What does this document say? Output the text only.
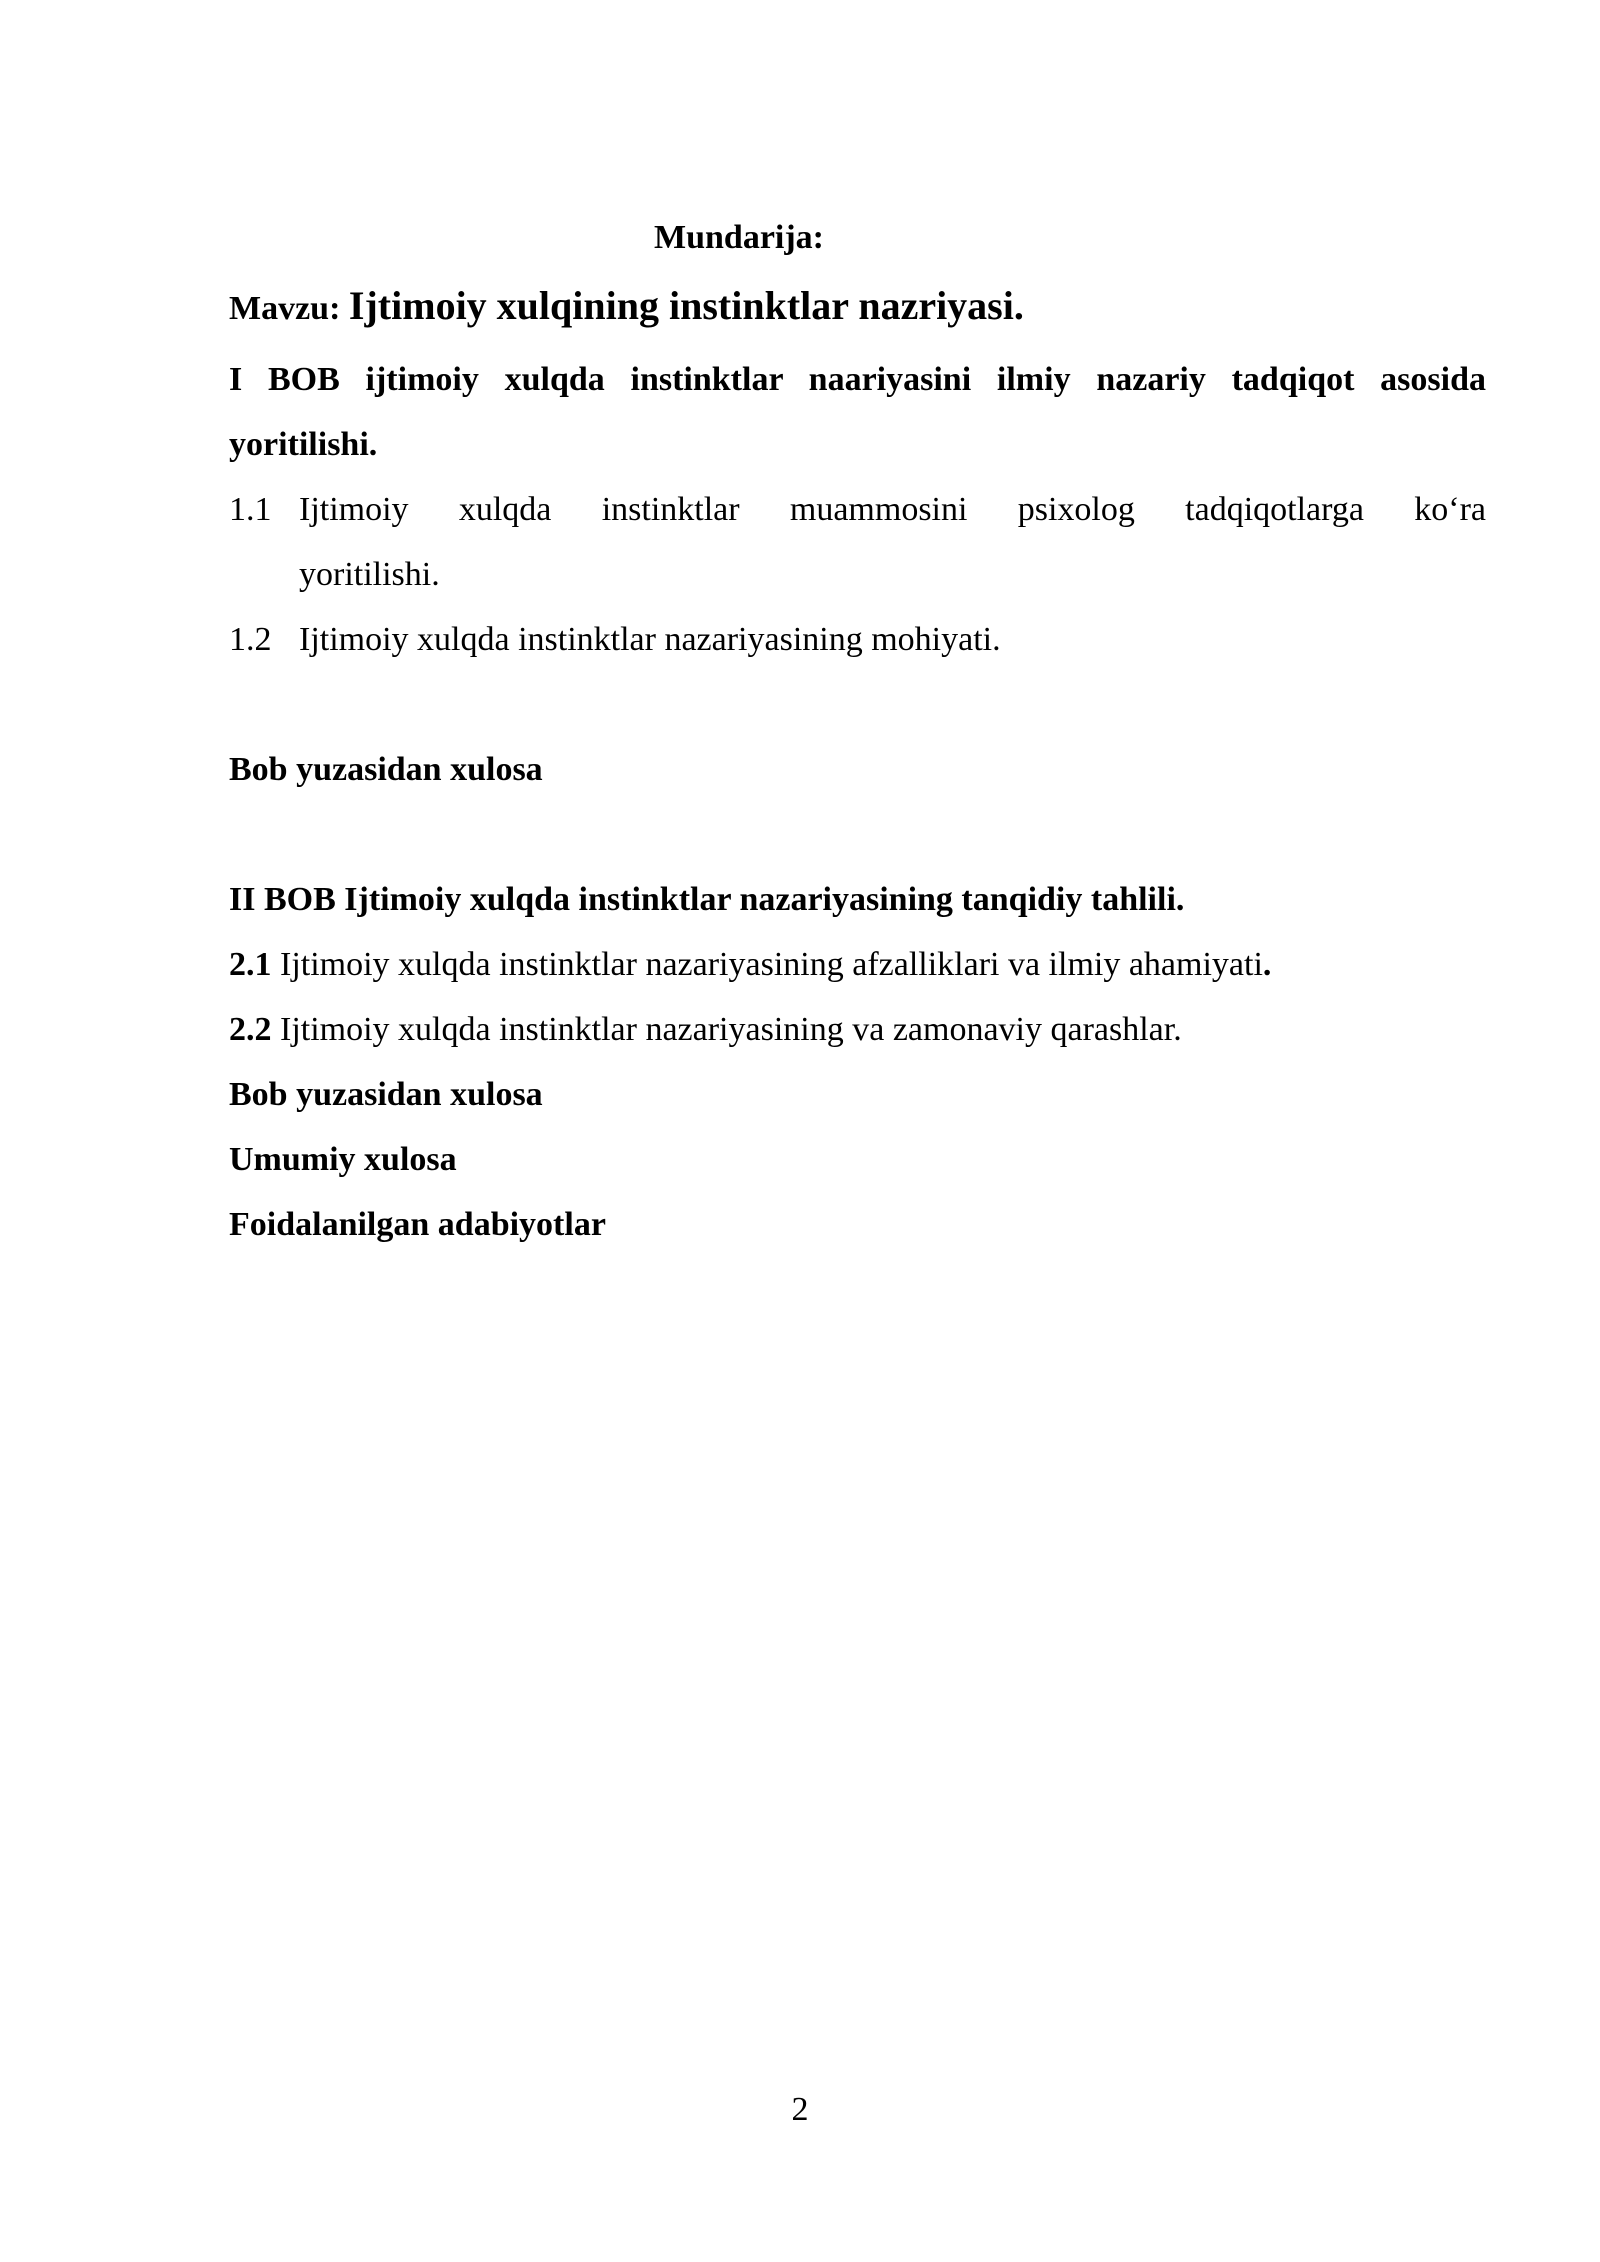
Mundarija:
Mavzu: Ijtimoiy xulqining instinktlar nazriyasi.
I BOB ijtimoiy xulqda instinktlar naariyasini ilmiy nazariy tadqiqot asosida
yoritilishi.
1.1 Ijtimoiy xulqda instinktlar muammosini psixolog tadqiqotlarga ko‘ra
yoritilishi.
1.2 Ijtimoiy xulqda instinktlar nazariyasining mohiyati.
Bob yuzasidan xulosa
II BOB Ijtimoiy xulqda instinktlar nazariyasining tanqidiy tahlili.
2.1 Ijtimoiy xulqda instinktlar nazariyasining afzalliklari va ilmiy ahamiyati.
2.2 Ijtimoiy xulqda instinktlar nazariyasining va zamonaviy qarashlar.
Bob yuzasidan xulosa
Umumiy xulosa
Foidalanilgan adabiyotlar
2
